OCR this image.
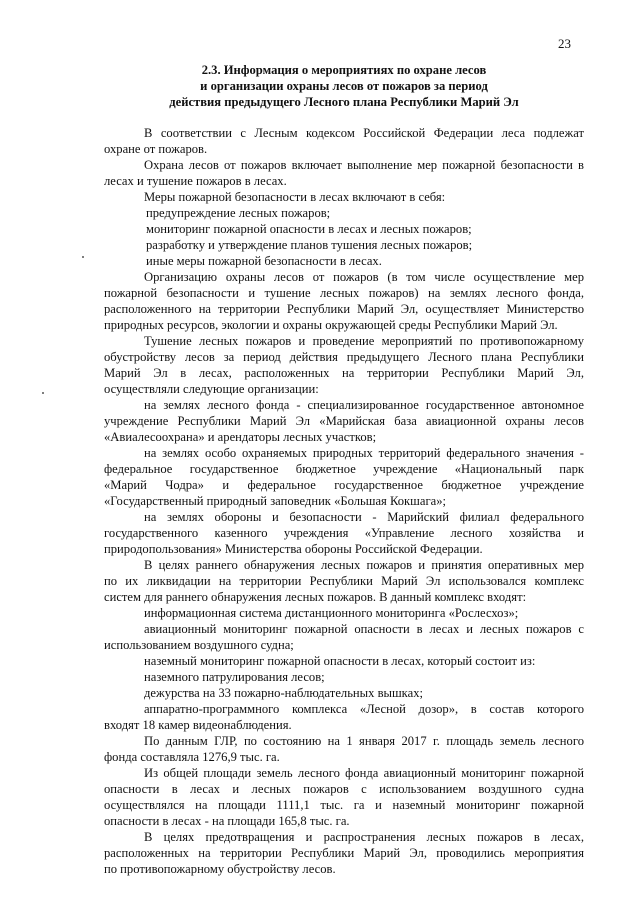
23
2.3. Информация о мероприятиях по охране лесов
и организации охраны лесов от пожаров за период
действия предыдущего Лесного плана Республики Марий Эл
В соответствии с Лесным кодексом Российской Федерации леса подлежат
охране от пожаров.
Охрана лесов от пожаров включает выполнение мер пожарной безопасности в
лесах и тушение пожаров в лесах.
Меры пожарной безопасности в лесах включают в себя:
предупреждение лесных пожаров;
мониторинг пожарной опасности в лесах и лесных пожаров;
разработку и утверждение планов тушения лесных пожаров;
иные меры пожарной безопасности в лесах.
Организацию охраны лесов от пожаров (в том числе осуществление мер
пожарной безопасности и тушение лесных пожаров) на землях лесного фонда,
расположенного на территории Республики Марий Эл, осуществляет Министерство
природных ресурсов, экологии и охраны окружающей среды Республики Марий Эл.
Тушение лесных пожаров и проведение мероприятий по противопожарному
обустройству лесов за период действия предыдущего Лесного плана Республики
Марий Эл в лесах, расположенных на территории Республики Марий Эл,
осуществляли следующие организации:
на землях лесного фонда - специализированное государственное автономное
учреждение Республики Марий Эл «Марийская база авиационной охраны лесов
«Авиалесоохрана» и арендаторы лесных участков;
на землях особо охраняемых природных территорий федерального значения -
федеральное государственное бюджетное учреждение «Национальный парк
«Марий Чодра» и федеральное государственное бюджетное учреждение
«Государственный природный заповедник «Большая Кокшага»;
на землях обороны и безопасности - Марийский филиал федерального
государственного казенного учреждения «Управление лесного хозяйства и
природопользования» Министерства обороны Российской Федерации.
В целях раннего обнаружения лесных пожаров и принятия оперативных мер
по их ликвидации на территории Республики Марий Эл использовался комплекс
систем для раннего обнаружения лесных пожаров. В данный комплекс входят:
информационная система дистанционного мониторинга «Рослесхоз»;
авиационный мониторинг пожарной опасности в лесах и лесных пожаров с
использованием воздушного судна;
наземный мониторинг пожарной опасности в лесах, который состоит из:
наземного патрулирования лесов;
дежурства на 33 пожарно-наблюдательных вышках;
аппаратно-программного комплекса «Лесной дозор», в состав которого
входят 18 камер видеонаблюдения.
По данным ГЛР, по состоянию на 1 января 2017 г. площадь земель лесного
фонда составляла 1276,9 тыс. га.
Из общей площади земель лесного фонда авиационный мониторинг пожарной
опасности в лесах и лесных пожаров с использованием воздушного судна
осуществлялся на площади 1111,1 тыс. га и наземный мониторинг пожарной
опасности в лесах - на площади 165,8 тыс. га.
В целях предотвращения и распространения лесных пожаров в лесах,
расположенных на территории Республики Марий Эл, проводились мероприятия
по противопожарному обустройству лесов.
